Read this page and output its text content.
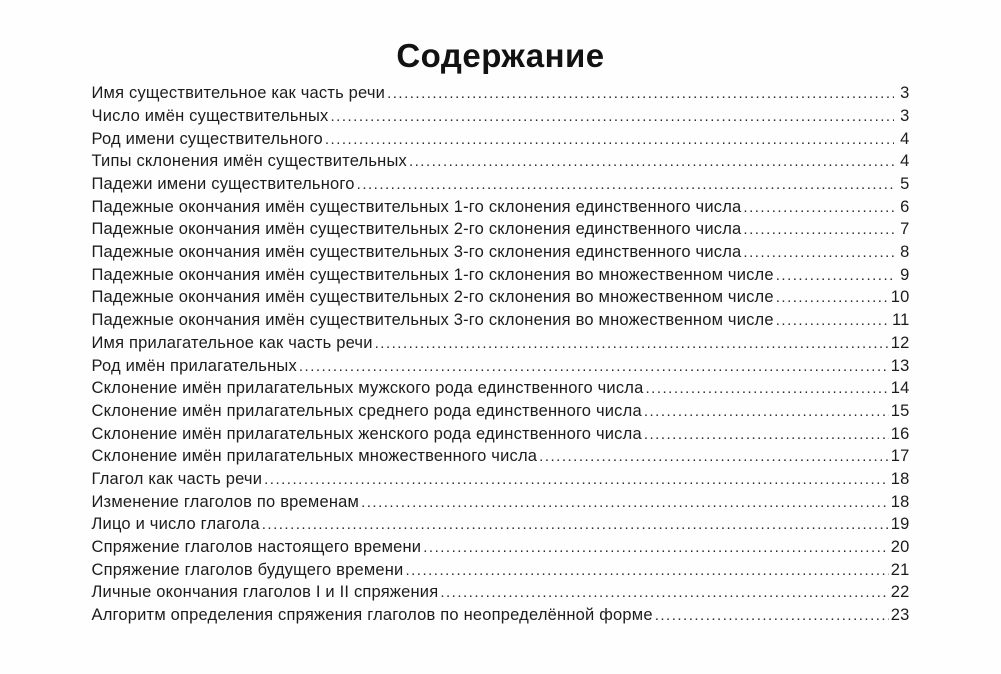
Содержание
Имя существительное как часть речи .....	3
Число имён существительных .....	3
Род имени существительного .....	4
Типы склонения имён существительных .....	4
Падежи имени существительного .....	5
Падежные окончания имён существительных 1-го склонения единственного числа .....	6
Падежные окончания имён существительных 2-го склонения единственного числа .....	7
Падежные окончания имён существительных 3-го склонения единственного числа .....	8
Падежные окончания имён существительных 1-го склонения во множественном числе .....	9
Падежные окончания имён существительных 2-го склонения во множественном числе .....	10
Падежные окончания имён существительных 3-го склонения во множественном числе .....	11
Имя прилагательное как часть речи .....	12
Род имён прилагательных .....	13
Склонение имён прилагательных мужского рода единственного числа .....	14
Склонение имён прилагательных среднего рода единственного числа .....	15
Склонение имён прилагательных женского рода единственного числа .....	16
Склонение имён прилагательных множественного числа .....	17
Глагол как часть речи .....	18
Изменение глаголов по временам .....	18
Лицо и число глагола .....	19
Спряжение глаголов настоящего времени .....	20
Спряжение глаголов будущего времени .....	21
Личные окончания глаголов I и II спряжения .....	22
Алгоритм определения спряжения глаголов по неопределённой форме .....	23
